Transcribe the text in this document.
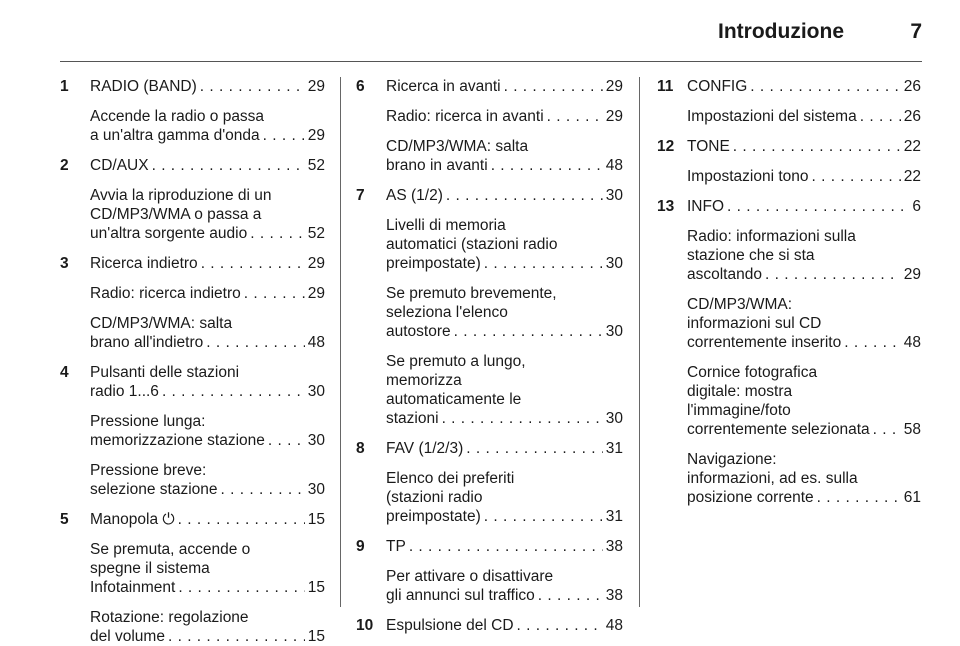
Introduzione	7
1 RADIO (BAND) . . .	29
Accende la radio o passa
a un'altra gamma d'onda . . .	29
2 CD/AUX . . .	52
Avvia la riproduzione di un
CD/MP3/WMA o passa a
un'altra sorgente audio . . .	52
3 Ricerca indietro . . .	29
Radio: ricerca indietro . . .	29
CD/MP3/WMA: salta
brano all'indietro . . .	48
4 Pulsanti delle stazioni
radio 1...6 . . .	30
Pressione lunga:
memorizzazione stazione . . .	30
Pressione breve:
selezione stazione . . .	30
5 Manopola ⏻ . . .	15
Se premuta, accende o
spegne il sistema
Infotainment . . .	15
Rotazione: regolazione
del volume . . .	15
6 Ricerca in avanti . . .	29
Radio: ricerca in avanti . . .	29
CD/MP3/WMA: salta
brano in avanti . . .	48
7 AS (1/2) . . .	30
Livelli di memoria
automatici (stazioni radio
preimpostate) . . .	30
Se premuto brevemente,
seleziona l'elenco
autostore . . .	30
Se premuto a lungo,
memorizza
automaticamente le
stazioni . . .	30
8 FAV (1/2/3) . . .	31
Elenco dei preferiti
(stazioni radio
preimpostate) . . .	31
9 TP . . .	38
Per attivare o disattivare
gli annunci sul traffico . . .	38
10 Espulsione del CD . . .	48
11 CONFIG . . .	26
Impostazioni del sistema . . .	26
12 TONE . . .	22
Impostazioni tono . . .	22
13 INFO . . .	6
Radio: informazioni sulla
stazione che si sta
ascoltando . . .	29
CD/MP3/WMA:
informazioni sul CD
correntemente inserito . . .	48
Cornice fotografica
digitale: mostra
l'immagine/foto
correntemente selezionata . . . 58
Navigazione:
informazioni, ad es. sulla
posizione corrente . . .	61
